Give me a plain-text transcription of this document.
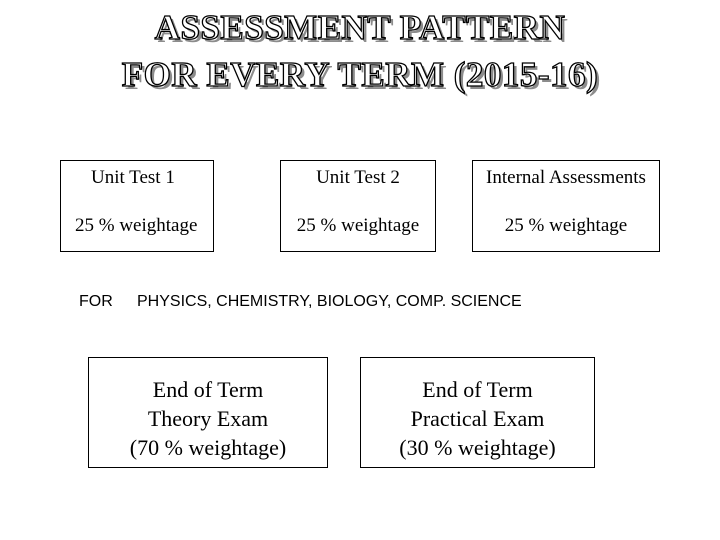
ASSESSMENT PATTERN
FOR EVERY TERM (2015-16)
Unit Test 1
25 % weightage
Unit Test 2
25 % weightage
Internal Assessments
25 % weightage
FOR PHYSICS, CHEMISTRY, BIOLOGY, COMP. SCIENCE
End of Term
Theory Exam
(70 % weightage)
End of Term
Practical Exam
(30 % weightage)
